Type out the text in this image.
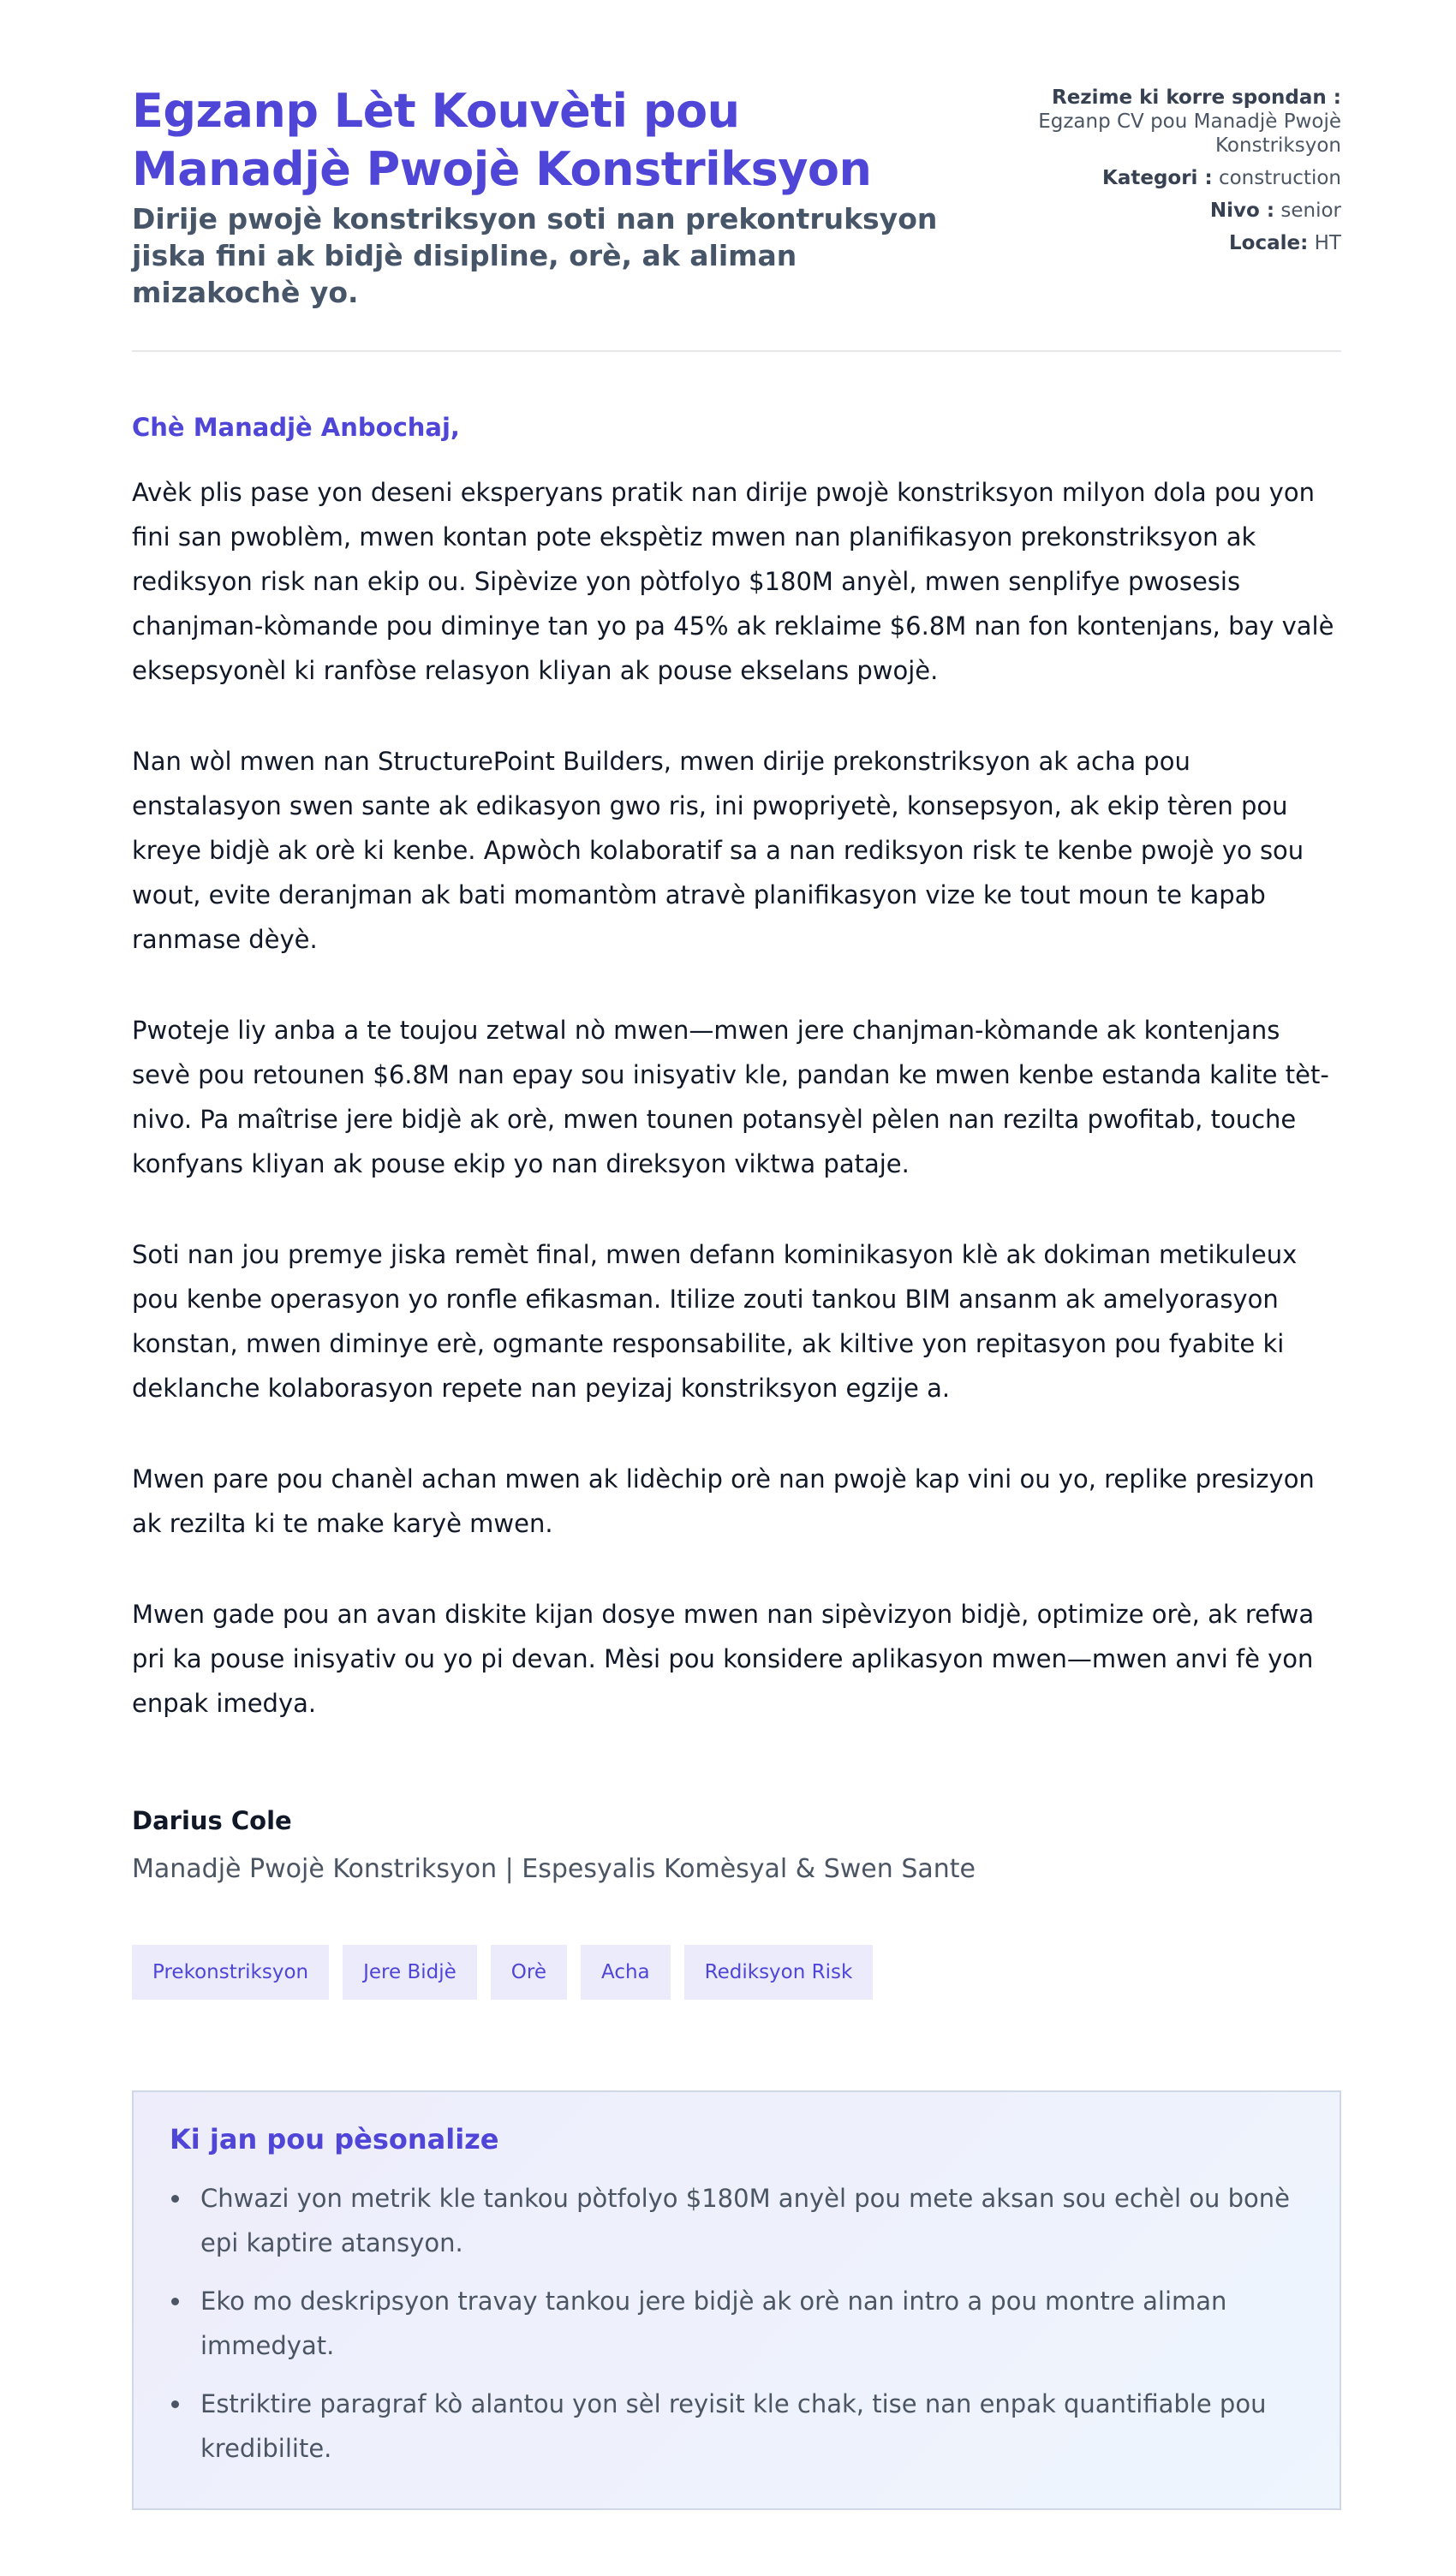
Egzanp Lèt Kouvèti pou Manadjè Pwojè Konstriksyon
Dirije pwojè konstriksyon soti nan prekontruksyon jiska fini ak bidjè disipline, orè, ak aliman mizakochè yo.
Rezime ki korre spondan : Egzanp CV pou Manadjè Pwojè Konstriksyon
Kategori : construction
Nivo : senior
Locale: HT
Chè Manadjè Anbochaj,

Avèk plis pase yon deseni eksperyans pratik nan dirije pwojè konstriksyon milyon dola pou yon fini san pwoblèm, mwen kontan pote ekspètiz mwen nan planifikasyon prekonstriksyon ak rediksyon risk nan ekip ou. Sipèvize yon pòtfolyo $180M anyèl, mwen senplifye pwosesis chanjman-kòmande pou diminye tan yo pa 45% ak reklaime $6.8M nan fon kontenjans, bay valè eksepsyonèl ki ranfòse relasyon kliyan ak pouse ekselans pwojè.

Nan wòl mwen nan StructurePoint Builders, mwen dirije prekonstriksyon ak acha pou enstalasyon swen sante ak edikasyon gwo ris, ini pwopriyetè, konsepsyon, ak ekip tèren pou kreye bidjè ak orè ki kenbe. Apwòch kolaboratif sa a nan rediksyon risk te kenbe pwojè yo sou wout, evite deranjman ak bati momantòm atravè planifikasyon vize ke tout moun te kapab ranmase dèyè.

Pwoteje liy anba a te toujou zetwal nò mwen—mwen jere chanjman-kòmande ak kontenjans sevè pou retounen $6.8M nan epay sou inisyativ kle, pandan ke mwen kenbe estanda kalite tèt-nivo. Pa maîtrise jere bidjè ak orè, mwen tounen potansyèl pèlen nan rezilta pwofitab, touche konfyans kliyan ak pouse ekip yo nan direksyon viktwa pataje.

Soti nan jou premye jiska remèt final, mwen defann kominikasyon klè ak dokiman metikuleux pou kenbe operasyon yo ronfle efikasman. Itilize zouti tankou BIM ansanm ak amelyorasyon konstan, mwen diminye erè, ogmante responsabilite, ak kiltive yon repitasyon pou fyabite ki deklanche kolaborasyon repete nan peyizaj konstriksyon egzije a.

Mwen pare pou chanèl achan mwen ak lidèchip orè nan pwojè kap vini ou yo, replike presizyon ak rezilta ki te make karyè mwen.

Mwen gade pou an avan diskite kijan dosye mwen nan sipèvizyon bidjè, optimize orè, ak refwa pri ka pouse inisyativ ou yo pi devan. Mèsi pou konsidere aplikasyon mwen—mwen anvi fè yon enpak imedya.

Darius Cole
Manadjè Pwojè Konstriksyon | Espesyalis Komèsyal & Swen Sante
Prekonstriksyon	Jere Bidjè	Orè	Acha	Rediksyon Risk
Ki jan pou pèsonalize
Chwazi yon metrik kle tankou pòtfolyo $180M anyèl pou mete aksan sou echèl ou bonè epi kaptire atansyon.
Eko mo deskripsyon travay tankou jere bidjè ak orè nan intro a pou montre aliman immedyat.
Estriktire paragraf kò alantou yon sèl reyisit kle chak, tise nan enpak quantifiable pou kredibilite.
